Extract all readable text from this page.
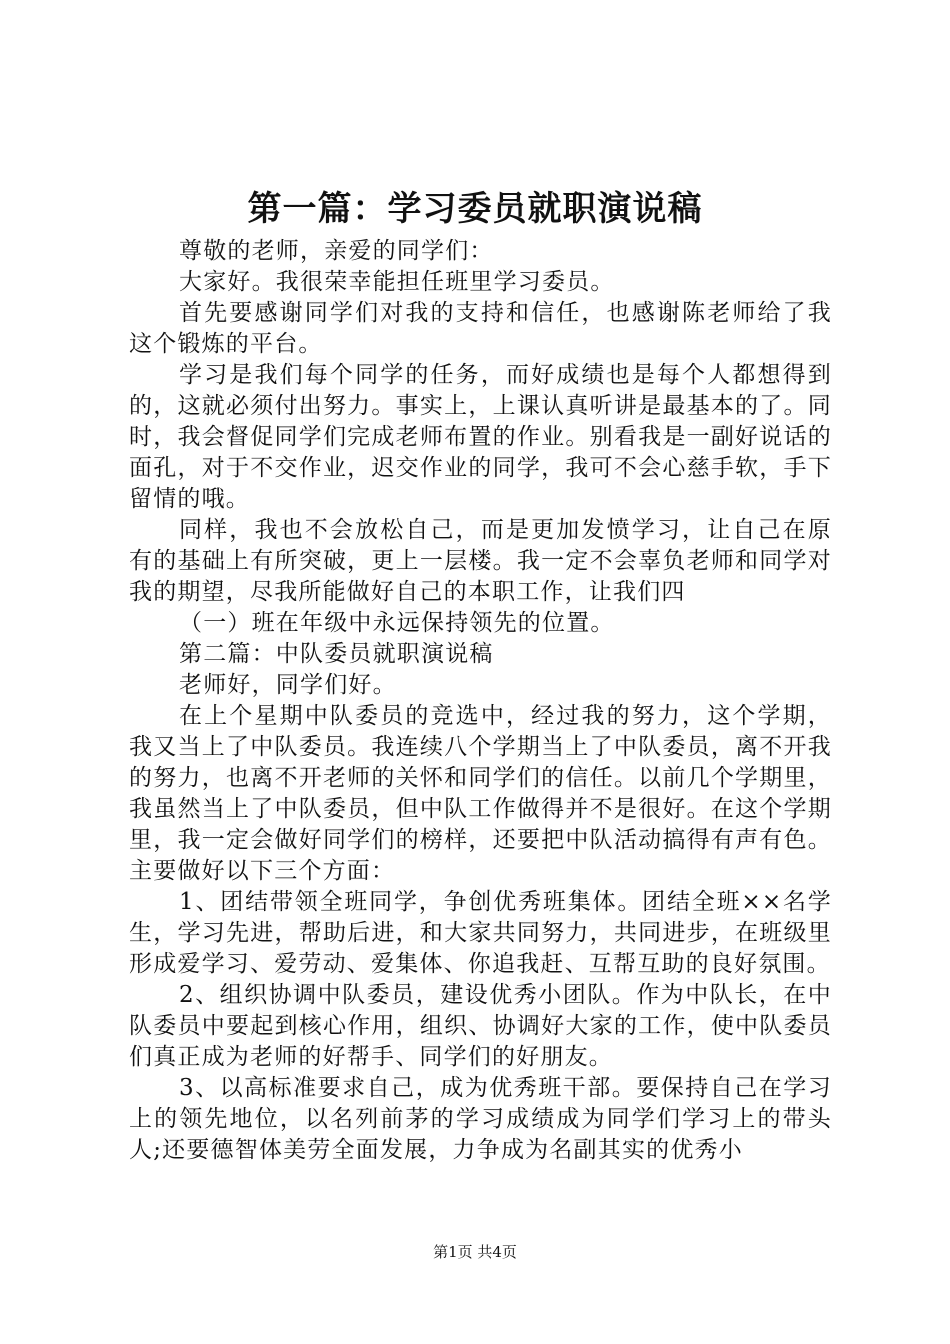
第一篇：学习委员就职演说稿

尊敬的老师，亲爱的同学们：

大家好。我很荣幸能担任班里学习委员。

首先要感谢同学们对我的支持和信任，也感谢陈老师给了我这个锻炼的平台。

学习是我们每个同学的任务，而好成绩也是每个人都想得到的，这就必须付出努力。事实上，上课认真听讲是最基本的了。同时，我会督促同学们完成老师布置的作业。别看我是一副好说话的面孔，对于不交作业，迟交作业的同学，我可不会心慈手软，手下留情的哦。

同样，我也不会放松自己，而是更加发愤学习，让自己在原有的基础上有所突破，更上一层楼。我一定不会辜负老师和同学对我的期望，尽我所能做好自己的本职工作，让我们四

（一）班在年级中永远保持领先的位置。

第二篇：中队委员就职演说稿

老师好，同学们好。

在上个星期中队委员的竞选中，经过我的努力，这个学期，我又当上了中队委员。我连续八个学期当上了中队委员，离不开我的努力，也离不开老师的关怀和同学们的信任。以前几个学期里，我虽然当上了中队委员，但中队工作做得并不是很好。在这个学期里，我一定会做好同学们的榜样，还要把中队活动搞得有声有色。主要做好以下三个方面：

1、团结带领全班同学，争创优秀班集体。团结全班××名学生，学习先进，帮助后进，和大家共同努力，共同进步，在班级里形成爱学习、爱劳动、爱集体、你追我赶、互帮互助的良好氛围。

2、组织协调中队委员，建设优秀小团队。作为中队长，在中队委员中要起到核心作用，组织、协调好大家的工作，使中队委员们真正成为老师的好帮手、同学们的好朋友。

3、以高标准要求自己，成为优秀班干部。要保持自己在学习上的领先地位，以名列前茅的学习成绩成为同学们学习上的带头人;还要德智体美劳全面发展，力争成为名副其实的优秀小

第1页 共4页
